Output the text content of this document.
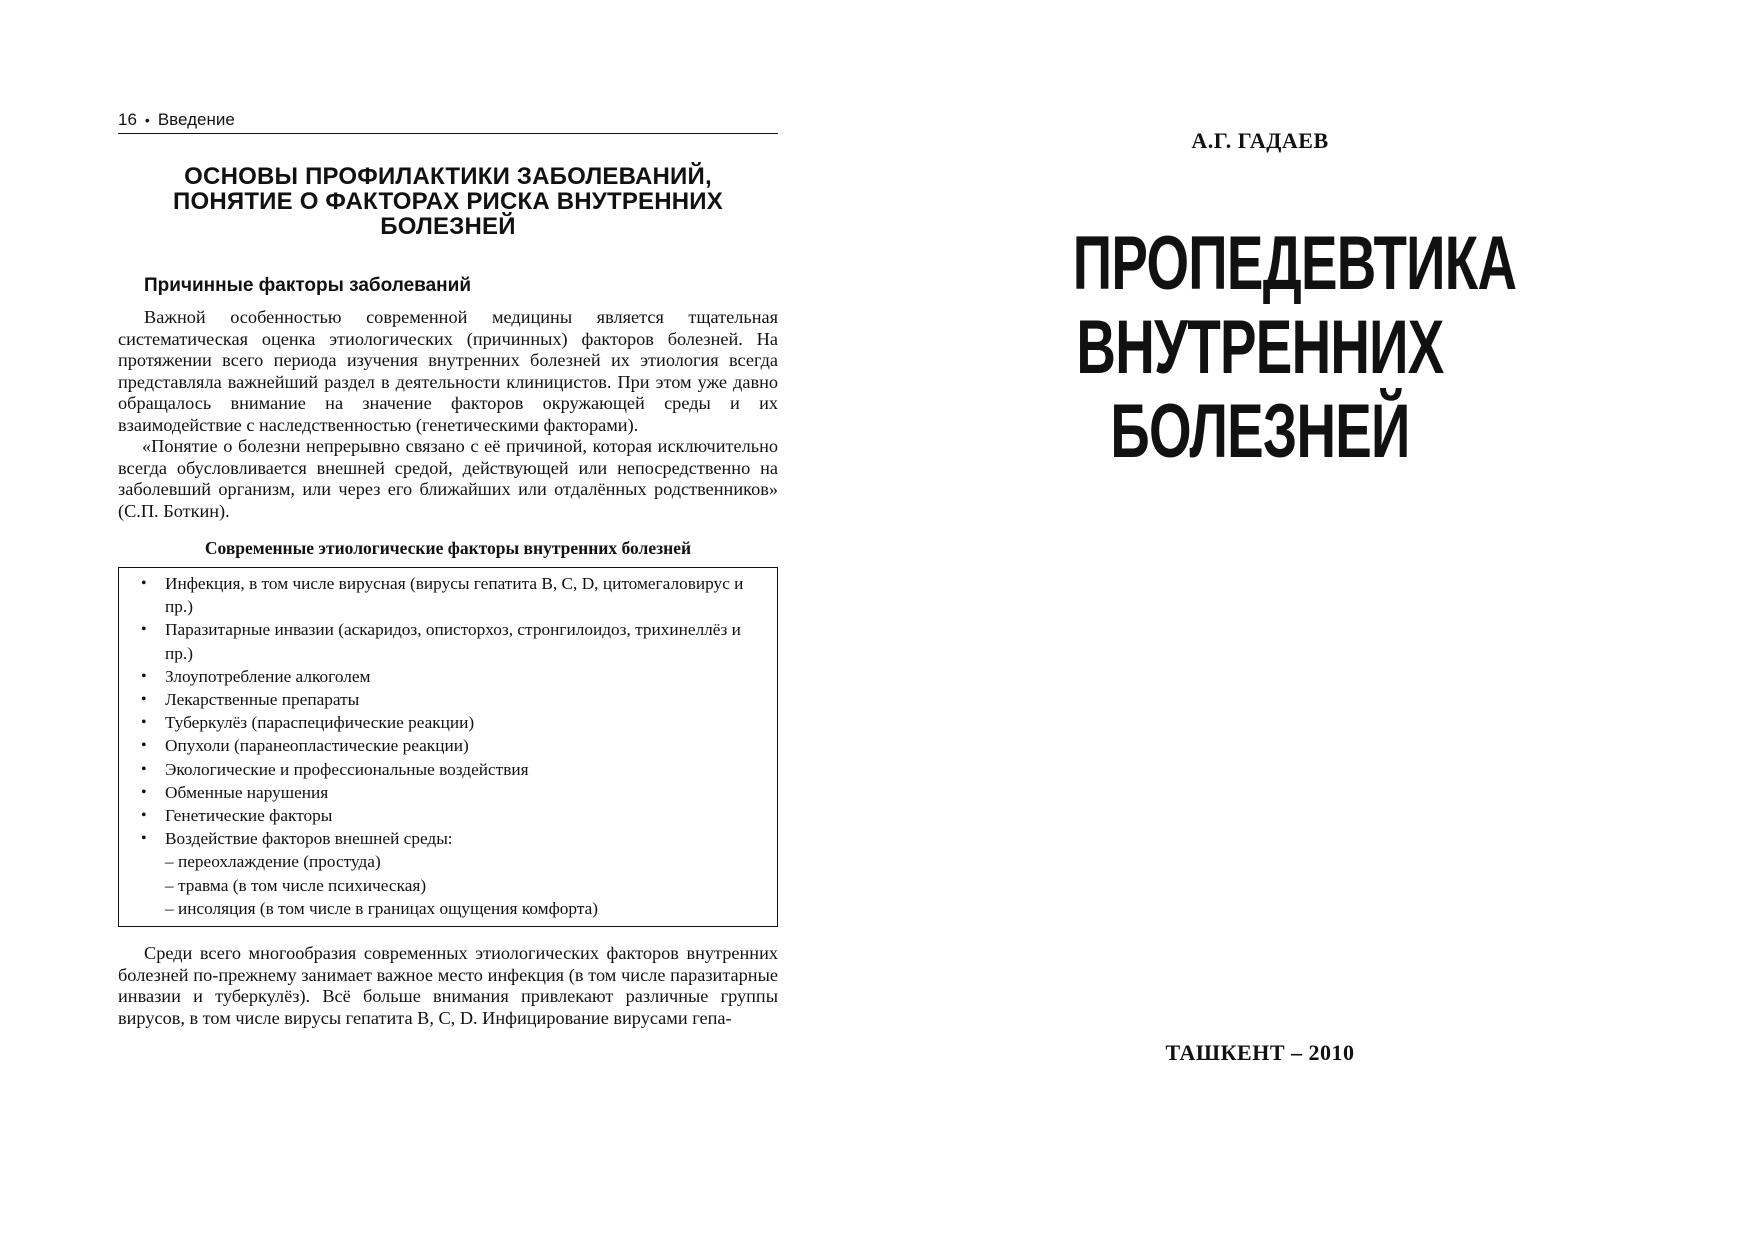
16 • Введение
ОСНОВЫ ПРОФИЛАКТИКИ ЗАБОЛЕВАНИЙ,
ПОНЯТИЕ О ФАКТОРАХ РИСКА ВНУТРЕННИХ
БОЛЕЗНЕЙ
Причинные факторы заболеваний

Важной особенностью современной медицины является тщательная систематическая оценка этиологических (причинных) факторов болезней. На протяжении всего периода изучения внутренних болезней их этиология всегда представляла важнейший раздел в деятельности клиницистов. При этом уже давно обращалось внимание на значение факторов окружающей среды и их взаимодействие с наследственностью (генетическими факторами).

«Понятие о болезни непрерывно связано с её причиной, которая исключительно всегда обусловливается внешней средой, действующей или непосредственно на заболевший организм, или через его ближайших или отдалённых родственников» (С.П. Боткин).

Современные этиологические факторы внутренних болезней
• Инфекция, в том числе вирусная (вирусы гепатита В, С, D, цитомегаловирус и пр.)
• Паразитарные инвазии (аскаридоз, описторхоз, стронгилоидоз, трихинеллёз и пр.)
• Злоупотребление алкоголем
• Лекарственные препараты
• Туберкулёз (параспецифические реакции)
• Опухоли (паранеопластические реакции)
• Экологические и профессиональные воздействия
• Обменные нарушения
• Генетические факторы
• Воздействие факторов внешней среды:
– переохлаждение (простуда)
– травма (в том числе психическая)
– инсоляция (в том числе в границах ощущения комфорта)

Среди всего многообразия современных этиологических факторов внутренних болезней по-прежнему занимает важное место инфекция (в том числе паразитарные инвазии и туберкулёз). Всё больше внимания привлекают различные группы вирусов, в том числе вирусы гепатита В, С, D. Инфицирование вирусами гепа-

А.Г. ГАДАЕВ
ПРОПЕДЕВТИКА
ВНУТРЕННИХ
БОЛЕЗНЕЙ
ТАШКЕНТ – 2010
